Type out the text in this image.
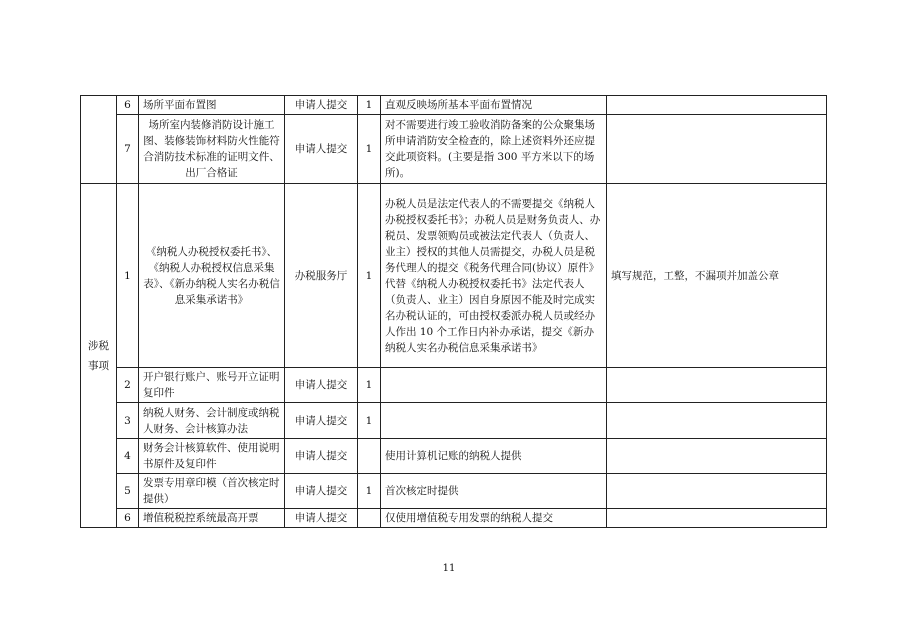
	6	场所平面布置图	申请人提交	1	直观反映场所基本平面布置情况	
	7	场所室内装修消防设计施工图、装修装饰材料防火性能符合消防技术标准的证明文件、出厂合格证	申请人提交	1	对不需要进行竣工验收消防备案的公众聚集场所申请消防安全检查的，除上述资料外还应提交此项资料。(主要是指 300 平方米以下的场所)。	
涉税事项	1	《纳税人办税授权委托书》、《纳税人办税授权信息采集表》、《新办纳税人实名办税信息采集承诺书》	办税服务厅	1	办税人员是法定代表人的不需要提交《纳税人办税授权委托书》；办税人员是财务负责人、办税员、发票领购员或被法定代表人（负责人、业主）授权的其他人员需提交，办税人员是税务代理人的提交《税务代理合同(协议）原件》代替《纳税人办税授权委托书》法定代表人（负责人、业主）因自身原因不能及时完成实名办税认证的，可由授权委派办税人员或经办人作出 10 个工作日内补办承诺，提交《新办纳税人实名办税信息采集承诺书》	填写规范，工整，不漏项并加盖公章
	2	开户银行账户、账号开立证明复印件	申请人提交	1		
	3	纳税人财务、会计制度或纳税人财务、会计核算办法	申请人提交	1		
	4	财务会计核算软件、使用说明书原件及复印件	申请人提交		使用计算机记账的纳税人提供	
	5	发票专用章印模（首次核定时提供）	申请人提交	1	首次核定时提供	
	6	增值税税控系统最高开票	申请人提交		仅使用增值税专用发票的纳税人提交	
11
